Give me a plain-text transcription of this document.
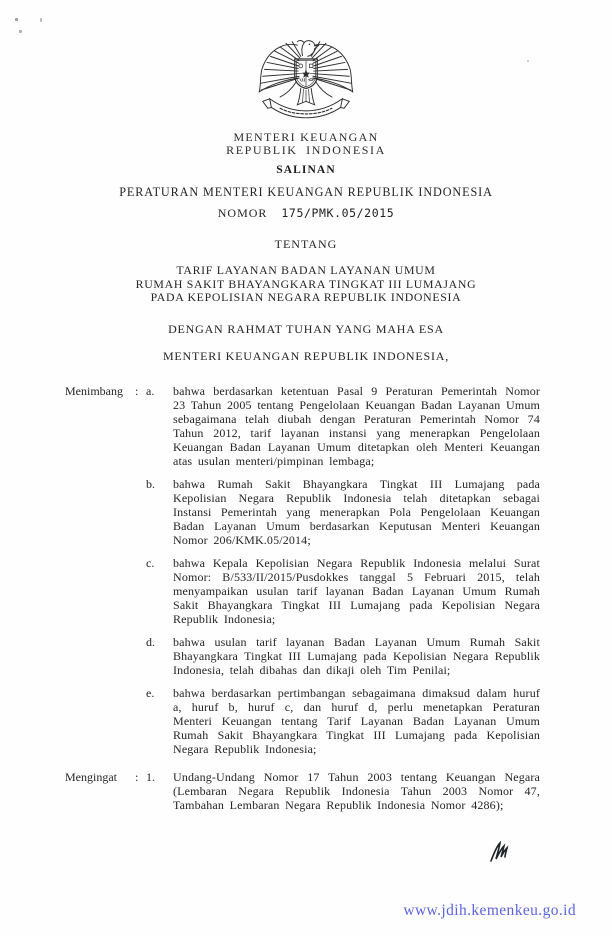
MENTERI KEUANGAN
REPUBLIK INDONESIA
SALINAN
PERATURAN MENTERI KEUANGAN REPUBLIK INDONESIA
NOMOR 175/PMK.05/2015
TENTANG
TARIF LAYANAN BADAN LAYANAN UMUM
RUMAH SAKIT BHAYANGKARA TINGKAT III LUMAJANG
PADA KEPOLISIAN NEGARA REPUBLIK INDONESIA
DENGAN RAHMAT TUHAN YANG MAHA ESA
MENTERI KEUANGAN REPUBLIK INDONESIA,
Menimbang	: a.	bahwa berdasarkan ketentuan Pasal 9 Peraturan Pemerintah Nomor 23 Tahun 2005 tentang Pengelolaan Keuangan Badan Layanan Umum sebagaimana telah diubah dengan Peraturan Pemerintah Nomor 74 Tahun 2012, tarif layanan instansi yang menerapkan Pengelolaan Keuangan Badan Layanan Umum ditetapkan oleh Menteri Keuangan atas usulan menteri/pimpinan lembaga;
b.	bahwa Rumah Sakit Bhayangkara Tingkat III Lumajang pada Kepolisian Negara Republik Indonesia telah ditetapkan sebagai Instansi Pemerintah yang menerapkan Pola Pengelolaan Keuangan Badan Layanan Umum berdasarkan Keputusan Menteri Keuangan Nomor 206/KMK.05/2014;
c.	bahwa Kepala Kepolisian Negara Republik Indonesia melalui Surat Nomor: B/533/II/2015/Pusdokkes tanggal 5 Februari 2015, telah menyampaikan usulan tarif layanan Badan Layanan Umum Rumah Sakit Bhayangkara Tingkat III Lumajang pada Kepolisian Negara Republik Indonesia;
d.	bahwa usulan tarif layanan Badan Layanan Umum Rumah Sakit Bhayangkara Tingkat III Lumajang pada Kepolisian Negara Republik Indonesia, telah dibahas dan dikaji oleh Tim Penilai;
e.	bahwa berdasarkan pertimbangan sebagaimana dimaksud dalam huruf a, huruf b, huruf c, dan huruf d, perlu menetapkan Peraturan Menteri Keuangan tentang Tarif Layanan Badan Layanan Umum Rumah Sakit Bhayangkara Tingkat III Lumajang pada Kepolisian Negara Republik Indonesia;
Mengingat	: 1.	Undang-Undang Nomor 17 Tahun 2003 tentang Keuangan Negara (Lembaran Negara Republik Indonesia Tahun 2003 Nomor 47, Tambahan Lembaran Negara Republik Indonesia Nomor 4286);
www.jdih.kemenkeu.go.id
